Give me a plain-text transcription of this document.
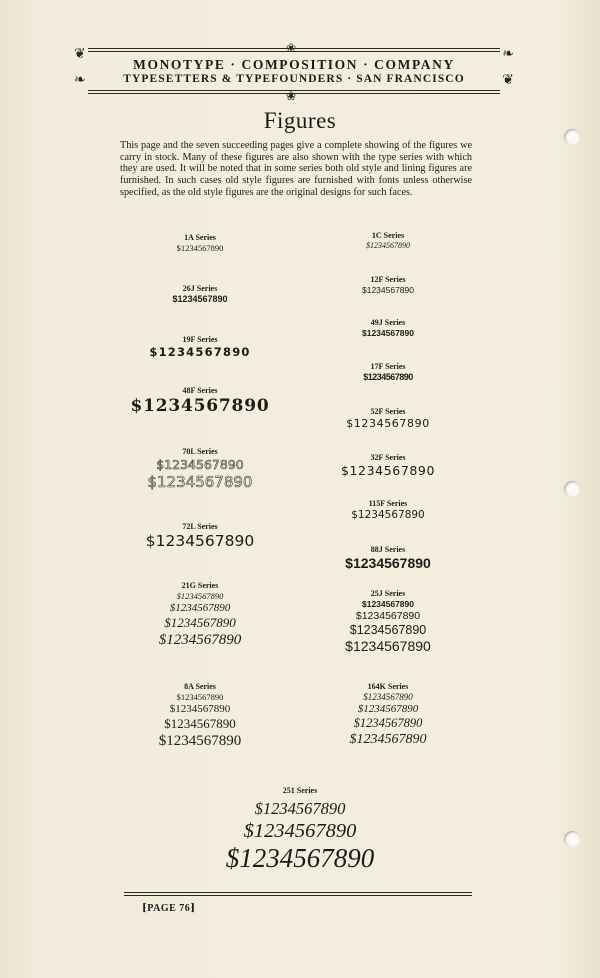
❦
❧
❧
❦
❀
❀
MONOTYPE · COMPOSITION · COMPANY
TYPESETTERS & TYPEFOUNDERS · SAN FRANCISCO
Figures
This page and the seven succeeding pages give a complete showing of the figures we carry in stock. Many of these figures are also shown with the type series with which they are used. It will be noted that in some series both old style and lining figures are furnished. In such cases old style figures are furnished with fonts unless otherwise specified, as the old style figures are the original designs for such faces.
1A Series
$1234567890
26J Series
$1234567890
19F Series
$1234567890
48F Series
$1234567890
70L Series
$1234567890
$1234567890
72L Series
$1234567890
21G Series
$1234567890
$1234567890
$1234567890
$1234567890
8A Series
$1234567890
$1234567890
$1234567890
$1234567890
1C Series
$1234567890
12F Series
$1234567890
49J Series
$1234567890
17F Series
$1234567890
52F Series
$1234567890
32F Series
$1234567890
115F Series
$1234567890
88J Series
$1234567890
25J Series
$1234567890
$1234567890
$1234567890
$1234567890
164K Series
$1234567890
$1234567890
$1234567890
$1234567890
251 Series
$1234567890
$1234567890
$1234567890
⁅PAGE 76⁆
